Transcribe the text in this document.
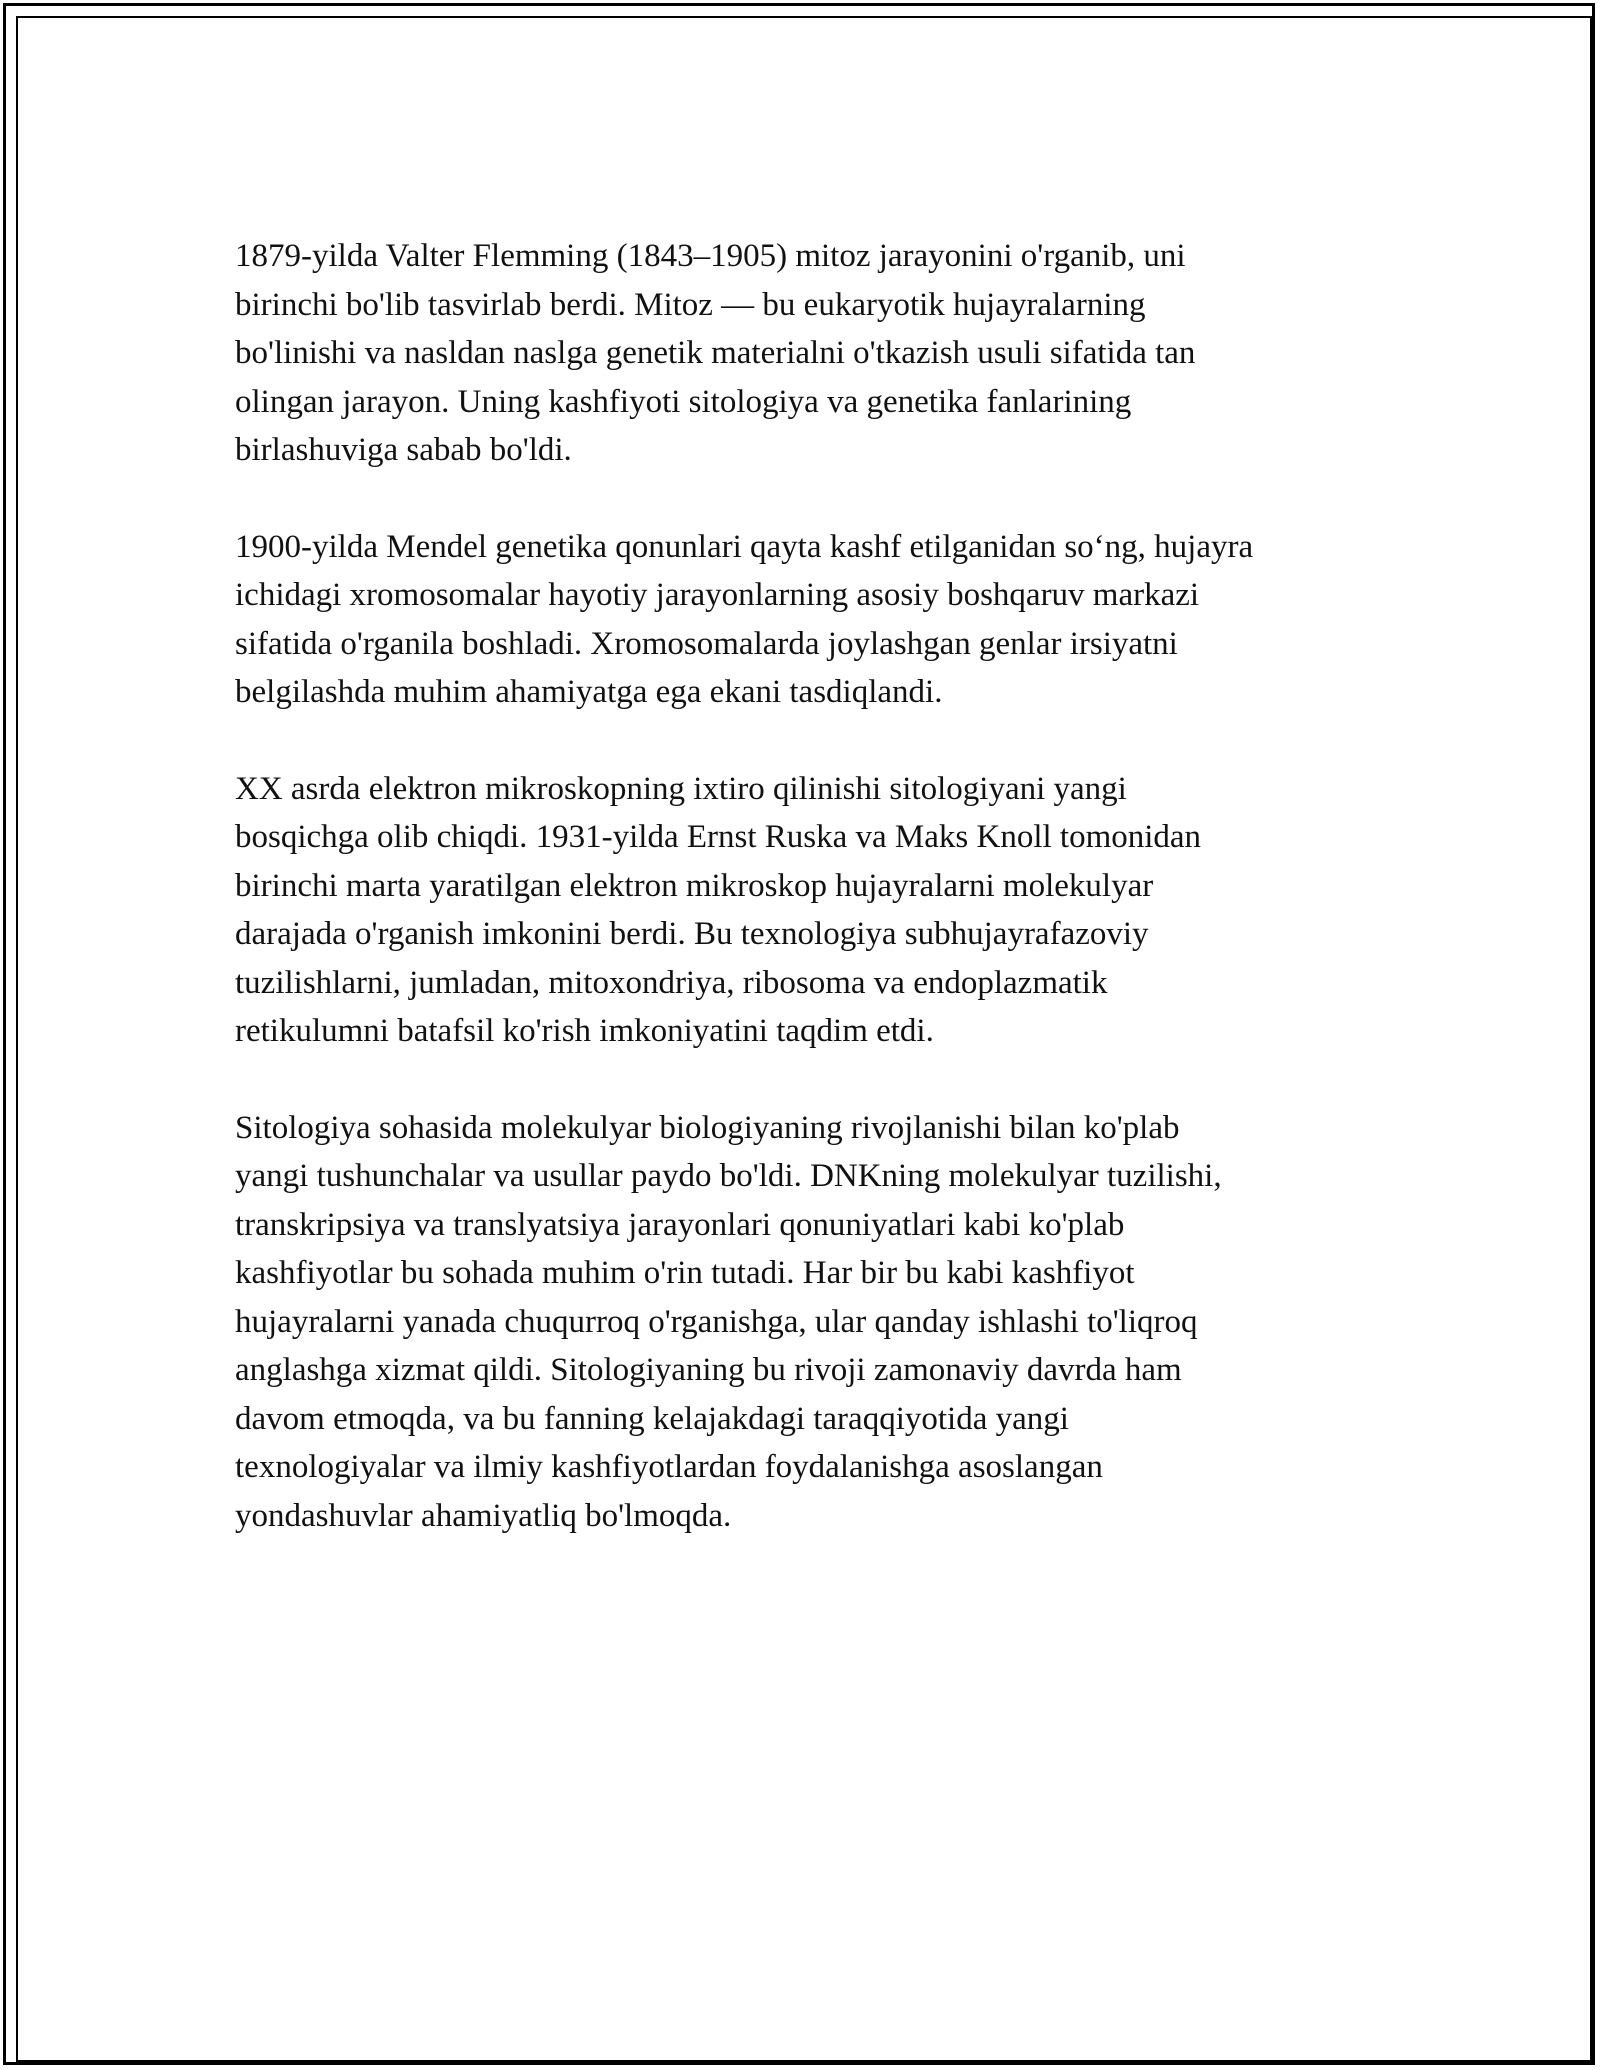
1879-yilda Valter Flemming (1843–1905) mitoz jarayonini o'rganib, uni
birinchi bo'lib tasvirlab berdi. Mitoz — bu eukaryotik hujayralarning
bo'linishi va nasldan naslga genetik materialni o'tkazish usuli sifatida tan
olingan jarayon. Uning kashfiyoti sitologiya va genetika fanlarining
birlashuviga sabab bo'ldi.

1900-yilda Mendel genetika qonunlari qayta kashf etilganidan so‘ng, hujayra
ichidagi xromosomalar hayotiy jarayonlarning asosiy boshqaruv markazi
sifatida o'rganila boshladi. Xromosomalarda joylashgan genlar irsiyatni
belgilashda muhim ahamiyatga ega ekani tasdiqlandi.

XX asrda elektron mikroskopning ixtiro qilinishi sitologiyani yangi
bosqichga olib chiqdi. 1931-yilda Ernst Ruska va Maks Knoll tomonidan
birinchi marta yaratilgan elektron mikroskop hujayralarni molekulyar
darajada o'rganish imkonini berdi. Bu texnologiya subhujayrafazoviy
tuzilishlarni, jumladan, mitoxondriya, ribosoma va endoplazmatik
retikulumni batafsil ko'rish imkoniyatini taqdim etdi.

Sitologiya sohasida molekulyar biologiyaning rivojlanishi bilan ko'plab
yangi tushunchalar va usullar paydo bo'ldi. DNKning molekulyar tuzilishi,
transkripsiya va translyatsiya jarayonlari qonuniyatlari kabi ko'plab
kashfiyotlar bu sohada muhim o'rin tutadi. Har bir bu kabi kashfiyot
hujayralarni yanada chuqurroq o'rganishga, ular qanday ishlashi to'liqroq
anglashga xizmat qildi. Sitologiyaning bu rivoji zamonaviy davrda ham
davom etmoqda, va bu fanning kelajakdagi taraqqiyotida yangi
texnologiyalar va ilmiy kashfiyotlardan foydalanishga asoslangan
yondashuvlar ahamiyatliq bo'lmoqda.
